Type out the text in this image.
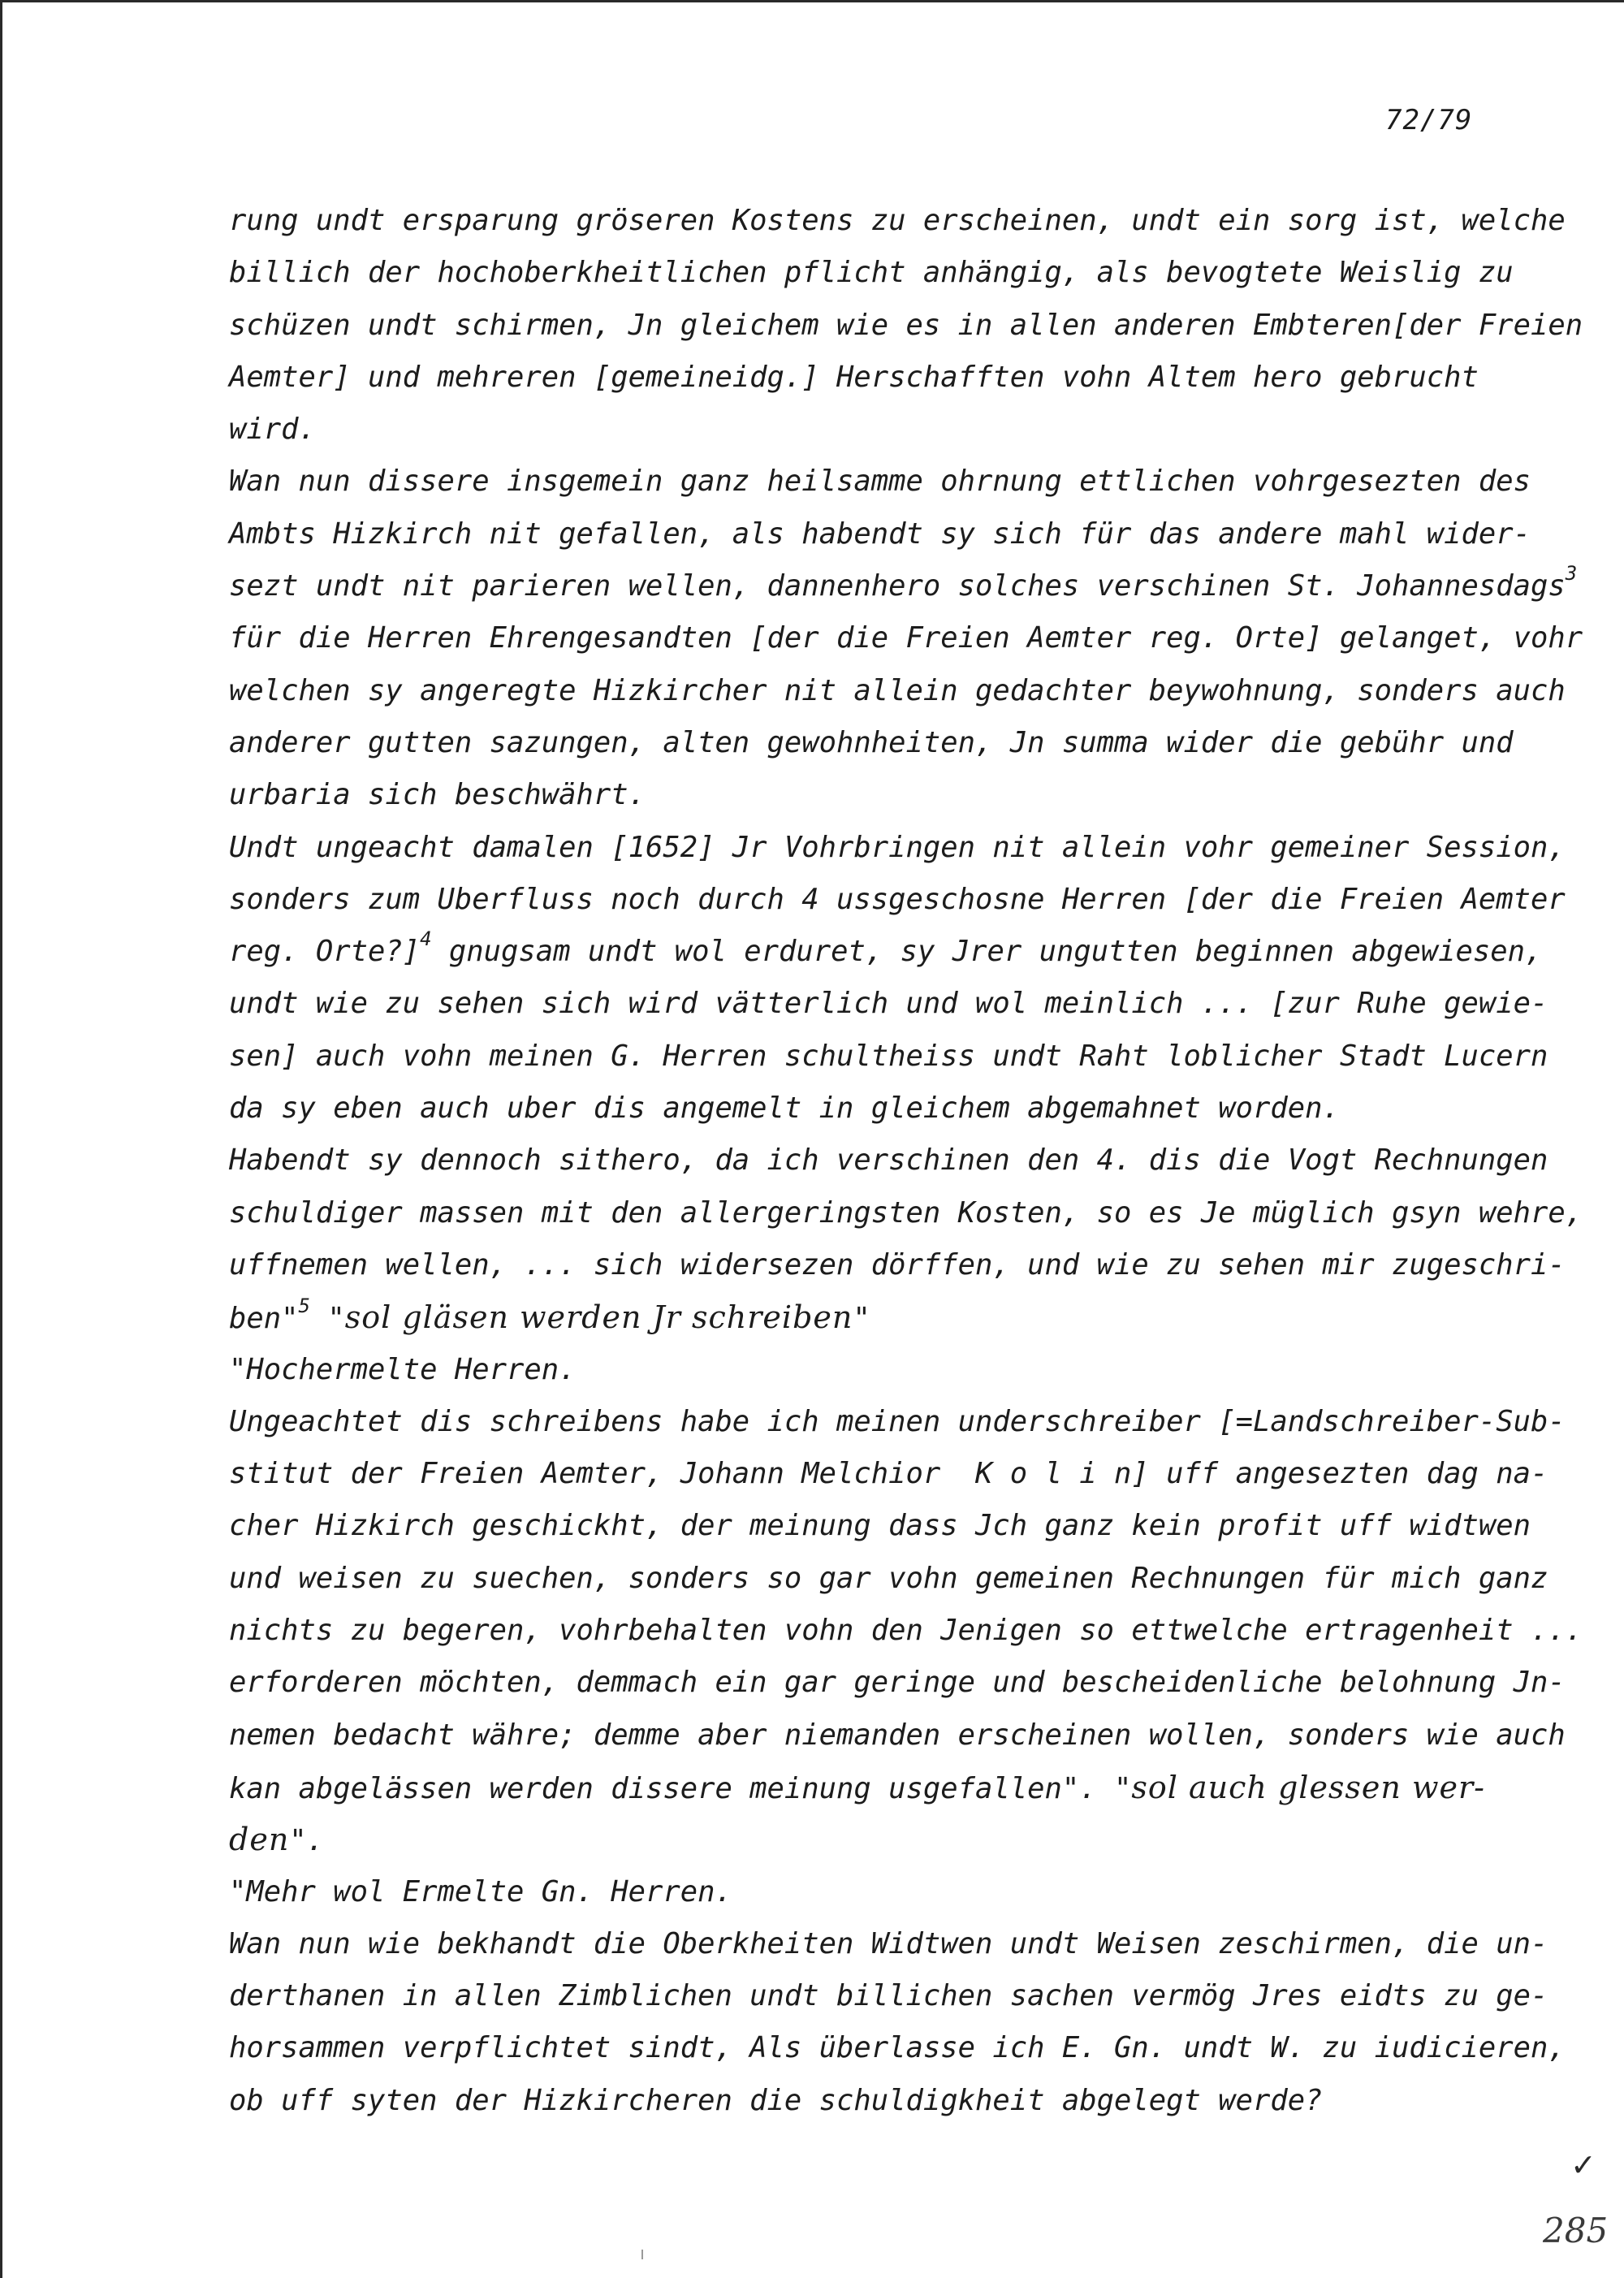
72/79
rung undt ersparung gröseren Kostens zu erscheinen, undt ein sorg ist, welche
billich der hochoberkheitlichen pflicht anhängig, als bevogtete Weislig zu
schüzen undt schirmen, Jn gleichem wie es in allen anderen Embteren[der Freien
Aemter] und mehreren [gemeineidg.] Herschafften vohn Altem hero gebrucht
wird.
Wan nun dissere insgemein ganz heilsamme ohrnung ettlichen vohrgesezten des
Ambts Hizkirch nit gefallen, als habendt sy sich für das andere mahl wider-
sezt undt nit parieren wellen, dannenhero solches verschinen St. Johannesdags$^3$
für die Herren Ehrengesandten [der die Freien Aemter reg. Orte] gelanget, vohr
welchen sy angeregte Hizkircher nit allein gedachter beywohnung, sonders auch
anderer gutten sazungen, alten gewohnheiten, Jn summa wider die gebühr und
urbaria sich beschwährt.
Undt ungeacht damalen [1652] Jr Vohrbringen nit allein vohr gemeiner Session,
sonders zum Uberfluss noch durch 4 ussgeschosne Herren [der die Freien Aemter
reg. Orte?]$^4$ gnugsam undt wol erduret, sy Jrer ungutten beginnen abgewiesen,
undt wie zu sehen sich wird vätterlich und wol meinlich ... [zur Ruhe gewie-
sen] auch vohn meinen G. Herren schultheiss undt Raht loblicher Stadt Lucern
da sy eben auch uber dis angemelt in gleichem abgemahnet worden.
Habendt sy dennoch sithero, da ich verschinen den 4. dis die Vogt Rechnungen
schuldiger massen mit den allergeringsten Kosten, so es Je müglich gsyn wehre,
uffnemen wellen, ... sich widersezen dörffen, und wie zu sehen mir zugeschri-
ben"$^5$ "sol gläsen werden Jr schreiben"
"Hochermelte Herren.
Ungeachtet dis schreibens habe ich meinen underschreiber [=Landschreiber-Sub-
stitut der Freien Aemter, Johann Melchior  K o l i n] uff angesezten dag na-
cher Hizkirch geschickht, der meinung dass Jch ganz kein profit uff widtwen
und weisen zu suechen, sonders so gar vohn gemeinen Rechnungen für mich ganz
nichts zu begeren, vohrbehalten vohn den Jenigen so ettwelche ertragenheit ...
erforderen möchten, demmach ein gar geringe und bescheidenliche belohnung Jn-
nemen bedacht währe; demme aber niemanden erscheinen wollen, sonders wie auch
kan abgelässen werden dissere meinung usgefallen". "sol auch glessen wer-
den".
"Mehr wol Ermelte Gn. Herren.
Wan nun wie bekhandt die Oberkheiten Widtwen undt Weisen zeschirmen, die un-
derthanen in allen Zimblichen undt billichen sachen vermög Jres eidts zu ge-
horsammen verpflichtet sindt, Als überlasse ich E. Gn. undt W. zu iudicieren,
ob uff syten der Hizkircheren die schuldigkheit abgelegt werde?
✓
285
